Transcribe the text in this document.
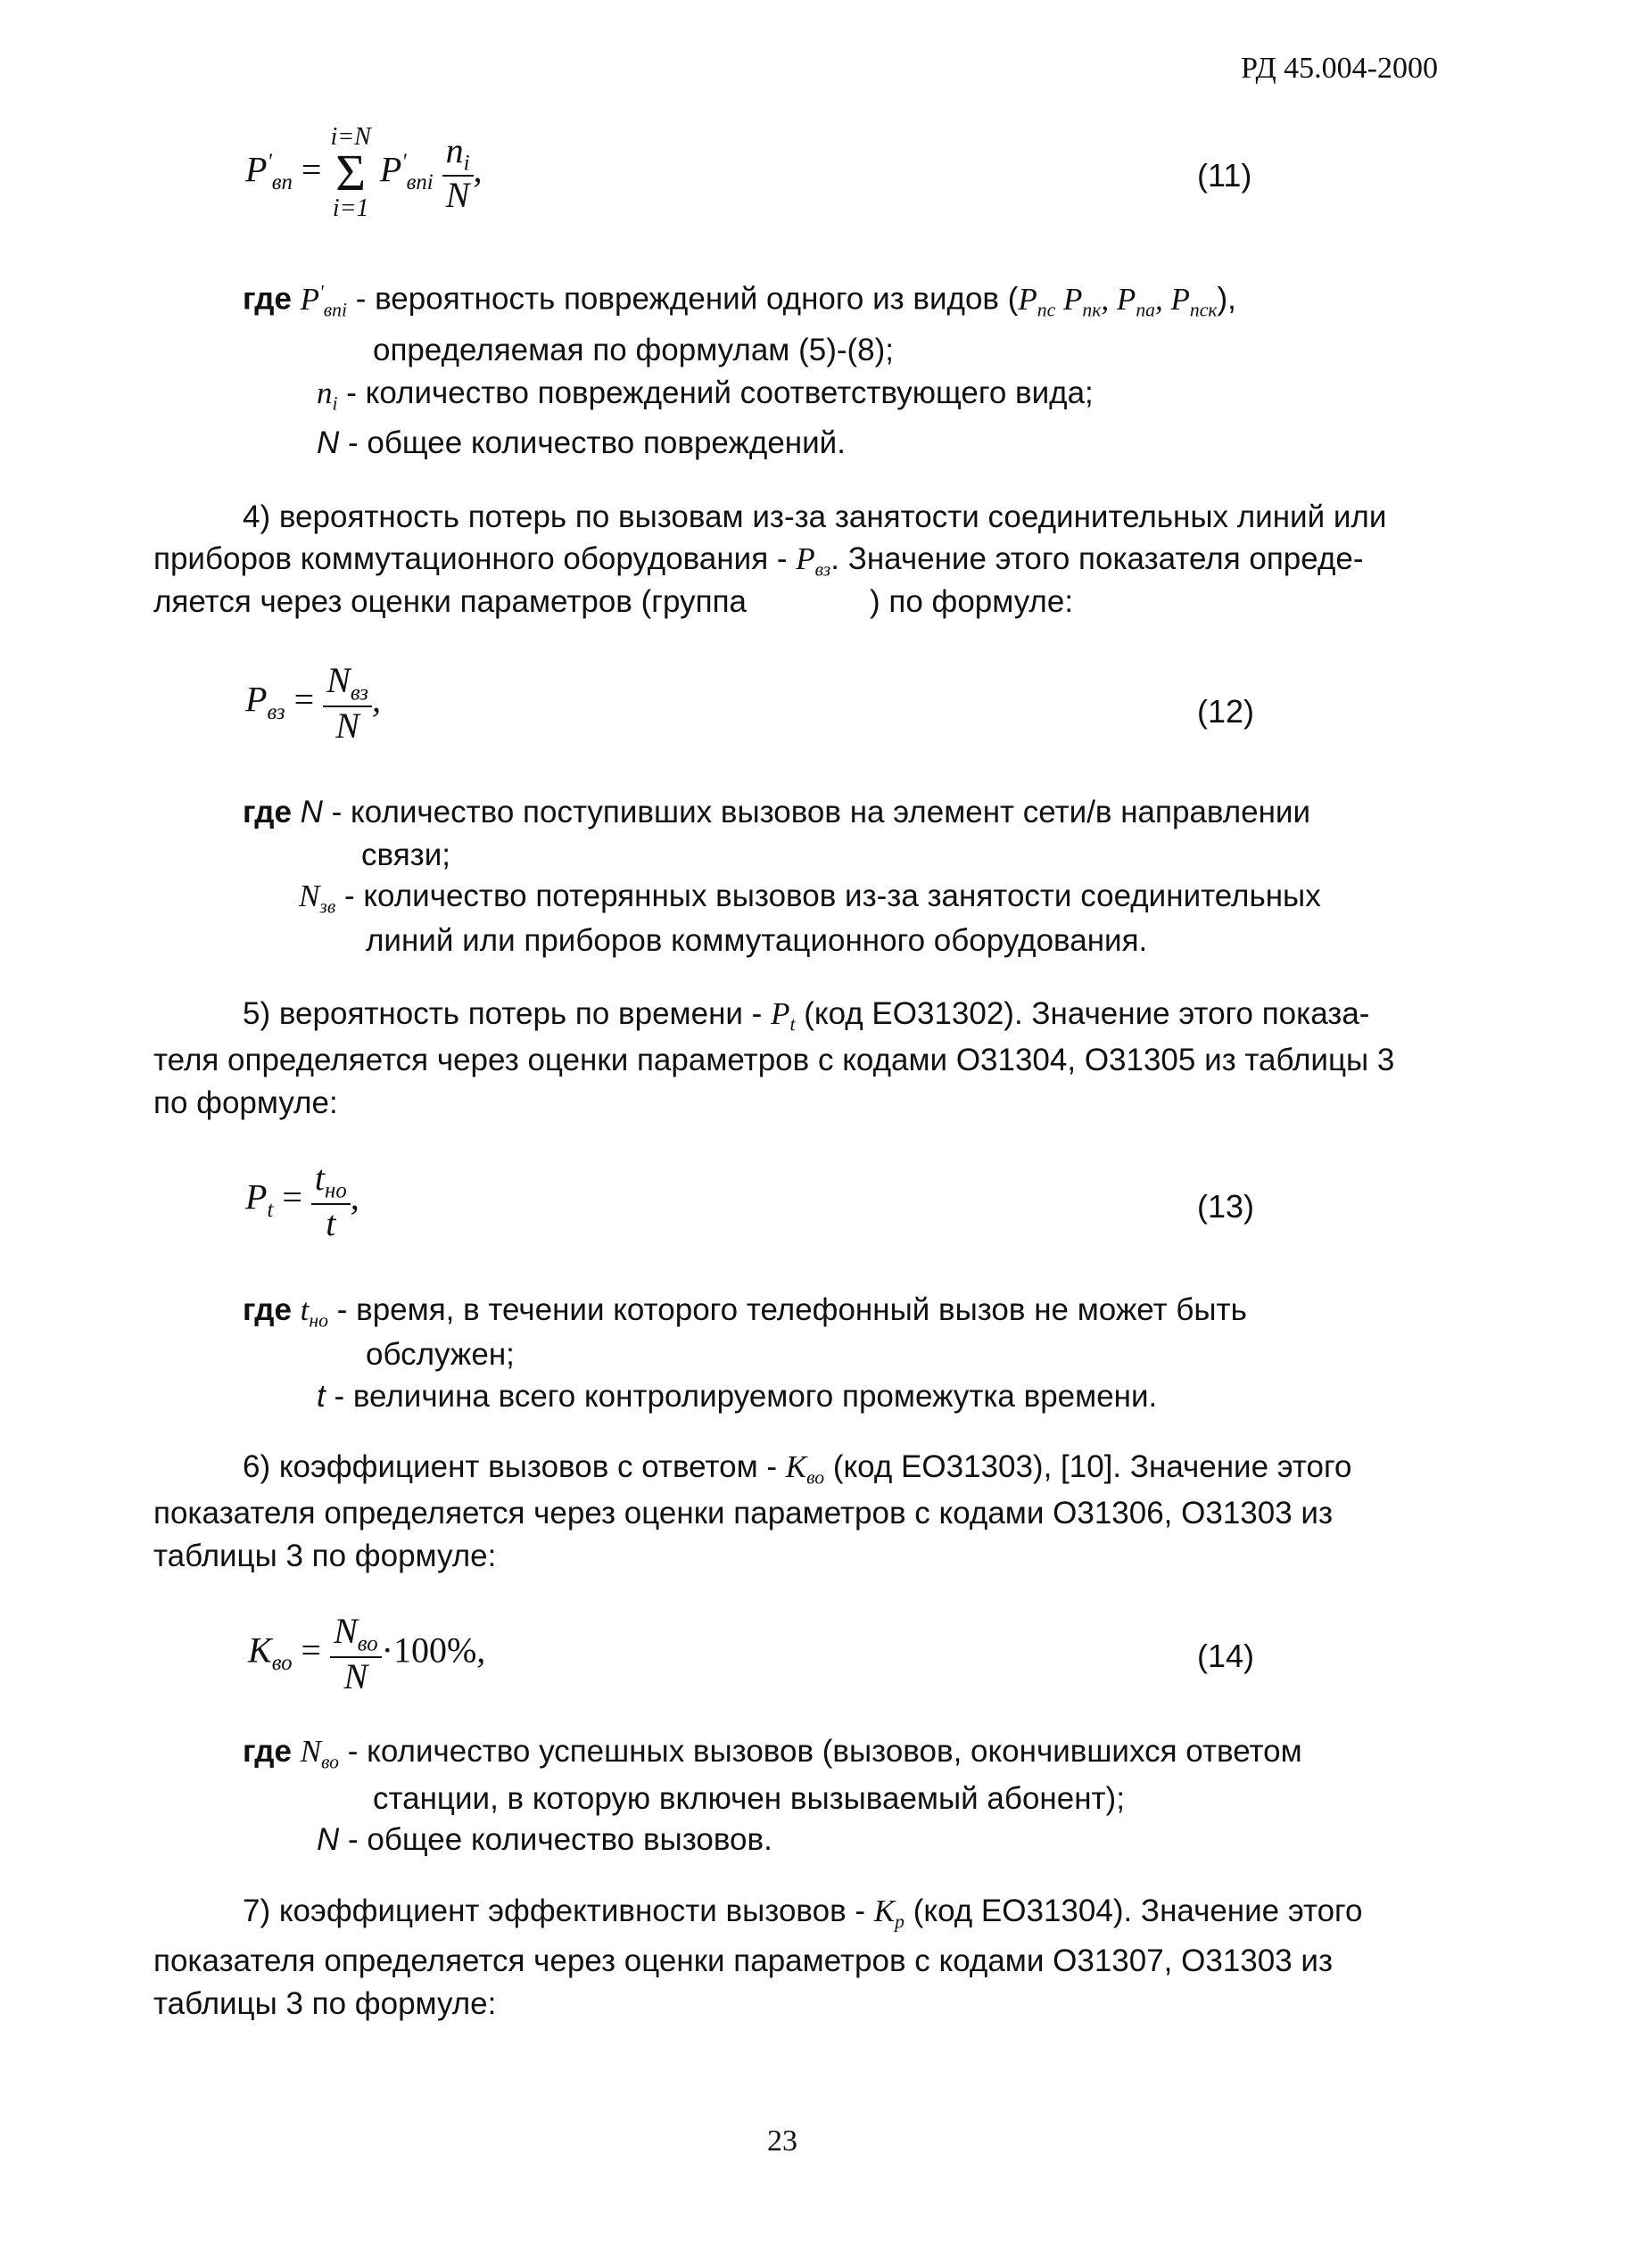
РД 45.004-2000
$P'_{вп}$ =
i=N
Σ
i=1
$P'_{вni} \frac{n_i}{N}$ ,	(11)
где $P'_{вni}$ - вероятность повреждений одного из видов ($P_{пс}$ $P_{пк}$, $P_{па}$, $P_{пск}$),
определяемая по формулам (5)-(8);
$n_i$ - количество повреждений соответствующего вида;
N - общее количество повреждений.
4) вероятность потерь по вызовам из-за занятости соединительных линий или
приборов коммутационного оборудования - $P_{вз}$. Значение этого показателя опреде-
ляется через оценки параметров (группа	) по формуле:
$P_{вз} = \frac{N_{вз}}{N}$ ,	(12)
где N - количество поступивших вызовов на элемент сети/в направлении
связи;
$N_{зв}$ - количество потерянных вызовов из-за занятости соединительных
линий или приборов коммутационного оборудования.
5) вероятность потерь по времени - $P_t$ (код ЕО31302). Значение этого показа-
теля определяется через оценки параметров с кодами О31304, О31305 из таблицы 3
по формуле:
$P_t = \frac{t_{но}}{t}$ ,	(13)
где $t_{но}$ - время, в течении которого телефонный вызов не может быть
обслужен;
t - величина всего контролируемого промежутка времени.
6) коэффициент вызовов с ответом - $K_{во}$ (код ЕО31303), [10]. Значение этого
показателя определяется через оценки параметров с кодами О31306, О31303 из
таблицы 3 по формуле:
$K_{во} = \frac{N_{во}}{N} \cdot 100\%$,	(14)
где $N_{во}$ - количество успешных вызовов (вызовов, окончившихся ответом
станции, в которую включен вызываемый абонент);
N - общее количество вызовов.
7) коэффициент эффективности вызовов - $K_p$ (код ЕО31304). Значение этого
показателя определяется через оценки параметров с кодами О31307, О31303 из
таблицы 3 по формуле:
23
